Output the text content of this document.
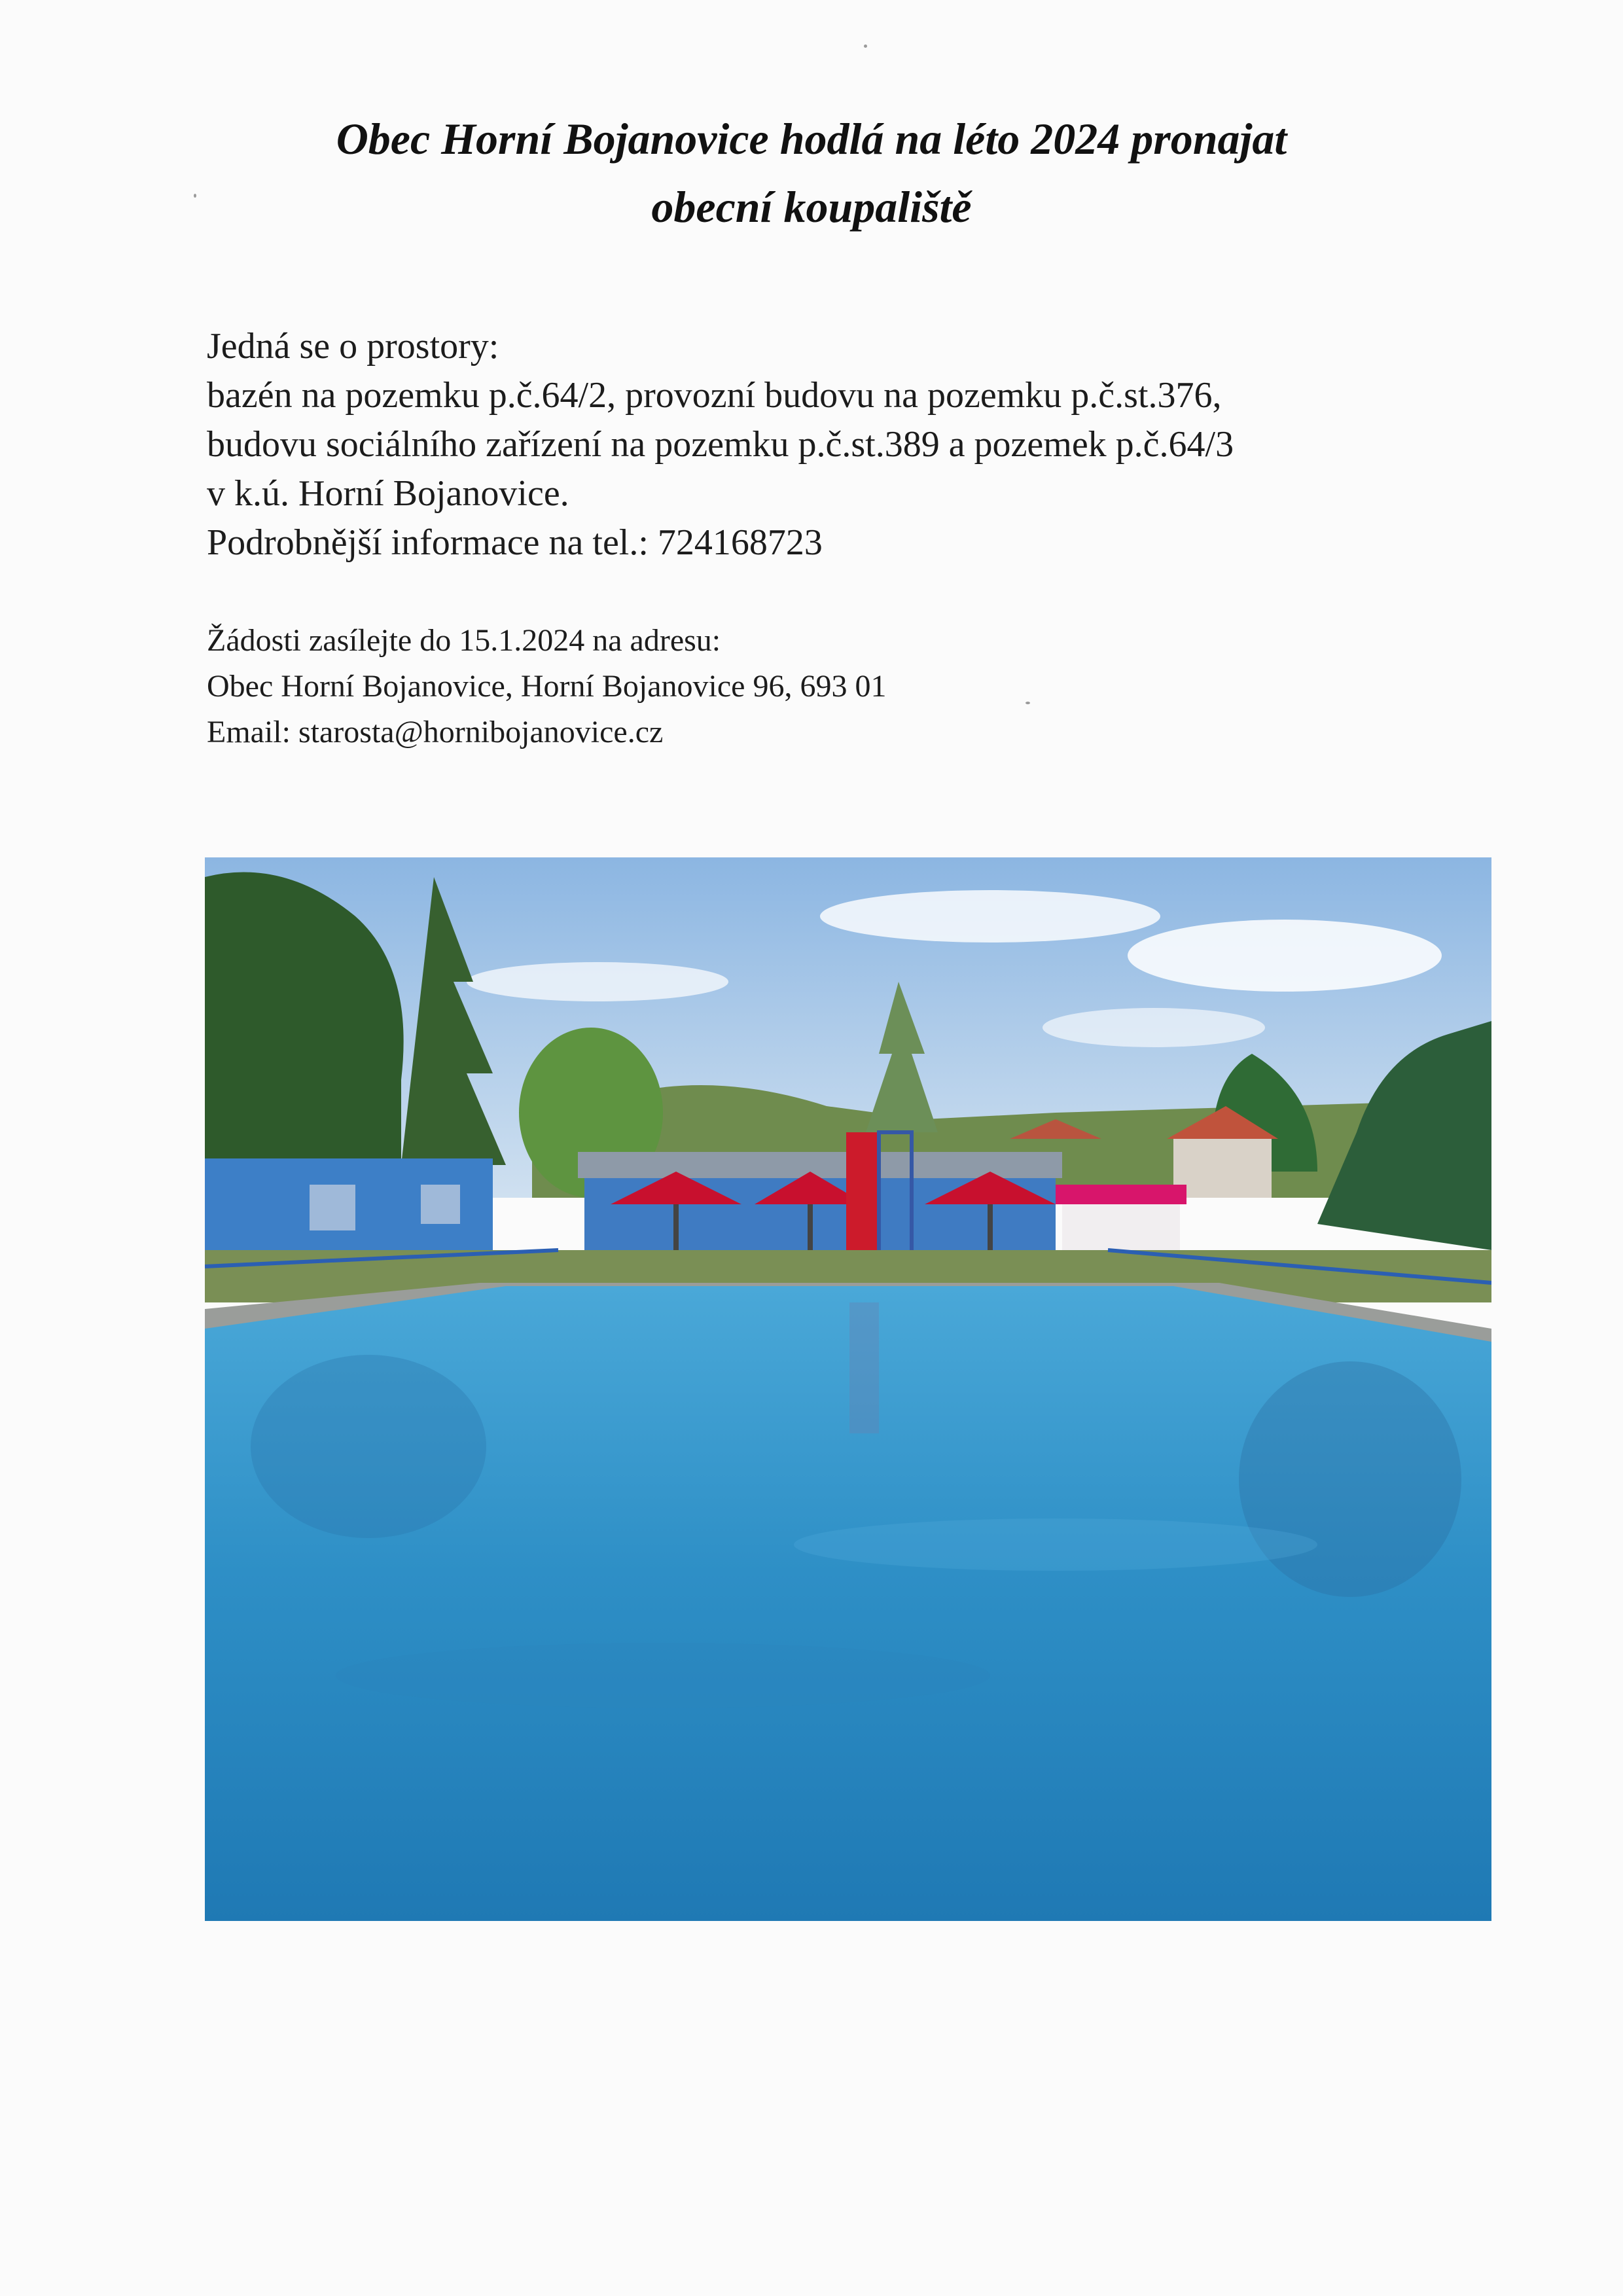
Obec Horní Bojanovice hodlá na léto 2024 pronajat
obecní koupaliště
Jedná se o prostory:
bazén na pozemku p.č.64/2, provozní budovu na pozemku p.č.st.376,
budovu sociálního zařízení na pozemku p.č.st.389 a pozemek p.č.64/3
v k.ú. Horní Bojanovice.
Podrobnější informace na tel.: 724168723
Žádosti zasílejte do 15.1.2024 na adresu:
Obec Horní Bojanovice, Horní Bojanovice 96, 693 01
Email: starosta@hornibojanovice.cz
